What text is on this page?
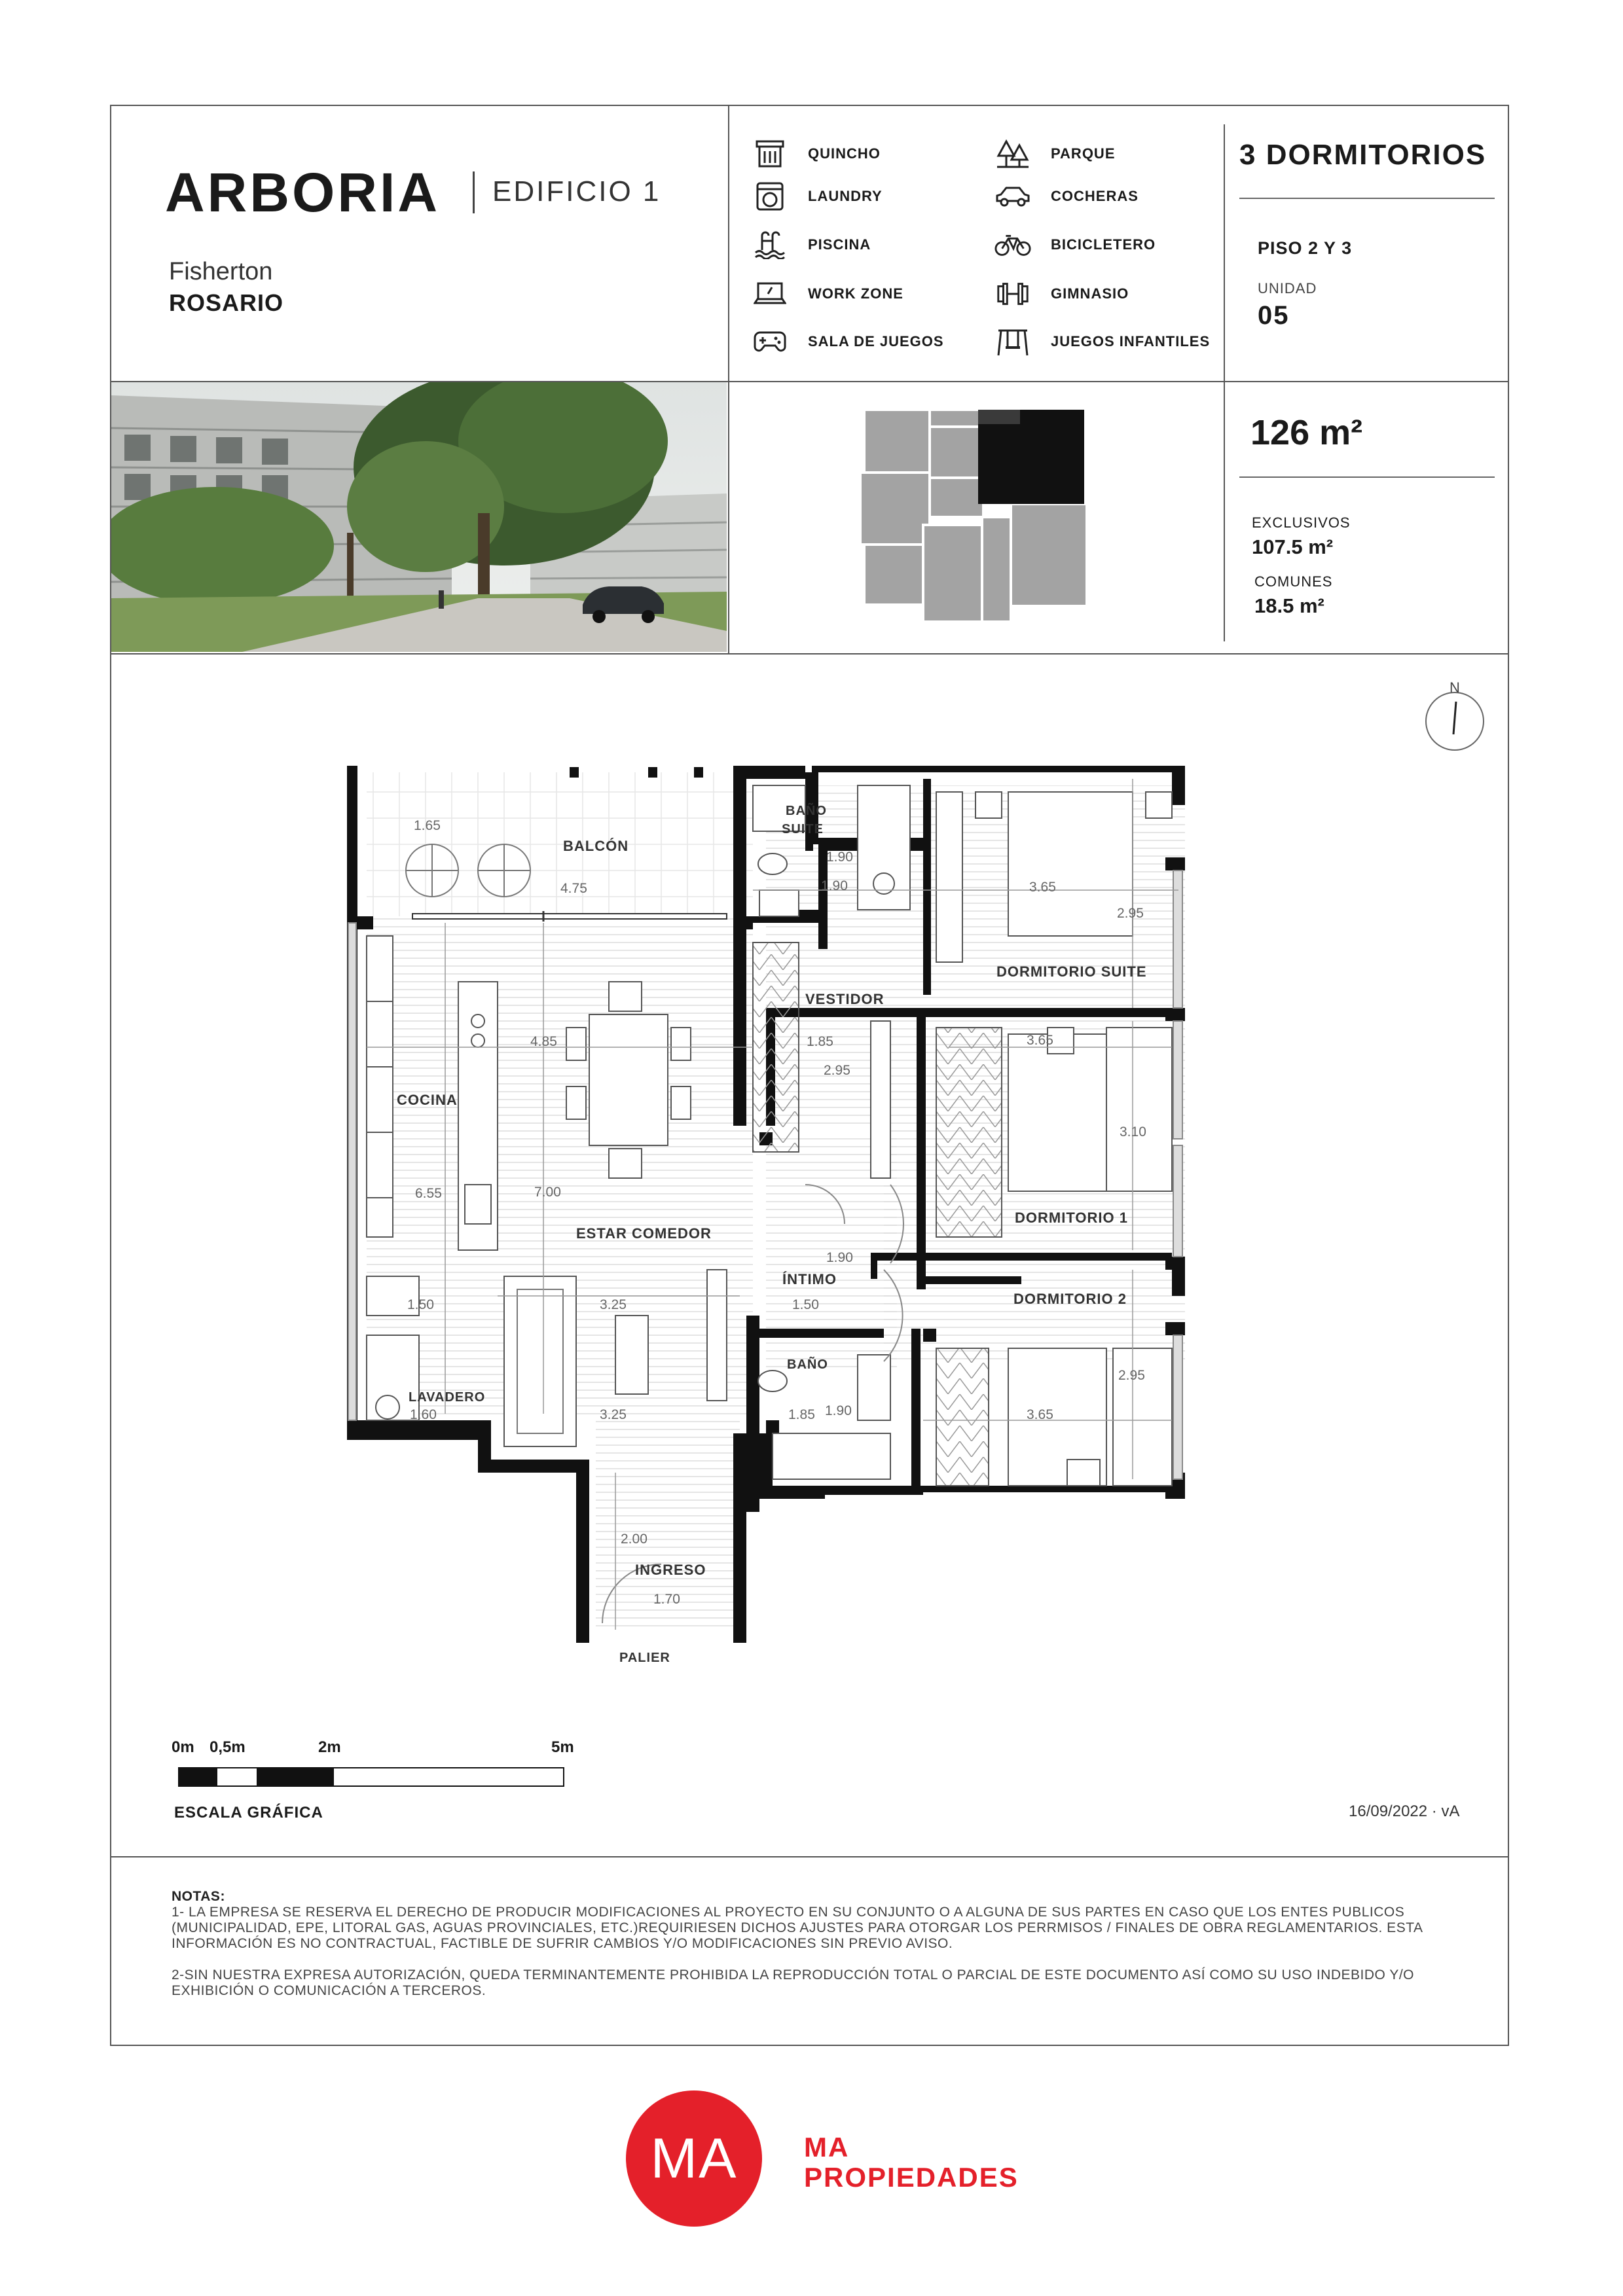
ARBORIA EDIFICIO 1
Fisherton
ROSARIO
QUINCHO
LAUNDRY
PISCINA
WORK ZONE
SALA DE JUEGOS
PARQUE
COCHERAS
BICICLETERO
GIMNASIO
JUEGOS INFANTILES
3 DORMITORIOS
PISO 2 Y 3
UNIDAD
05
126 m²
EXCLUSIVOS
107.5 m²
COMUNES
18.5 m²
N
BALCÓN
BAÑO
SUITE
VESTIDOR
DORMITORIO SUITE
COCINA
ESTAR COMEDOR
DORMITORIO 1
ÍNTIMO
DORMITORIO 2
BAÑO
LAVADERO
INGRESO
PALIER
1.65
4.75
1.90
1.90	3.65
2.95
4.85	1.85
2.95
3.65
3.10
6.55	7.00
1.90
1.50	3.25	1.50
2.95
1.60	3.25	1.85 1.90	3.65
2.00
1.70
0m 0,5m	2m	5m
ESCALA GRÁFICA	16/09/2022 · vA
NOTAS:
1- LA EMPRESA SE RESERVA EL DERECHO DE PRODUCIR MODIFICACIONES AL PROYECTO EN SU CONJUNTO O A ALGUNA DE SUS PARTES EN CASO QUE LOS ENTES PUBLICOS (MUNICIPALIDAD, EPE, LITORAL GAS, AGUAS PROVINCIALES, ETC.)REQUIRIESEN DICHOS AJUSTES PARA OTORGAR LOS PERRMISOS / FINALES DE OBRA REGLAMENTARIOS. ESTA INFORMACIÓN ES NO CONTRACTUAL, FACTIBLE DE SUFRIR CAMBIOS Y/O MODIFICACIONES SIN PREVIO AVISO.
2-SIN NUESTRA EXPRESA AUTORIZACIÓN, QUEDA TERMINANTEMENTE PROHIBIDA LA REPRODUCCIÓN TOTAL O PARCIAL DE ESTE DOCUMENTO ASÍ COMO SU USO INDEBIDO Y/O EXHIBICIÓN O COMUNICACIÓN A TERCEROS.
MA MA
PROPIEDADES
